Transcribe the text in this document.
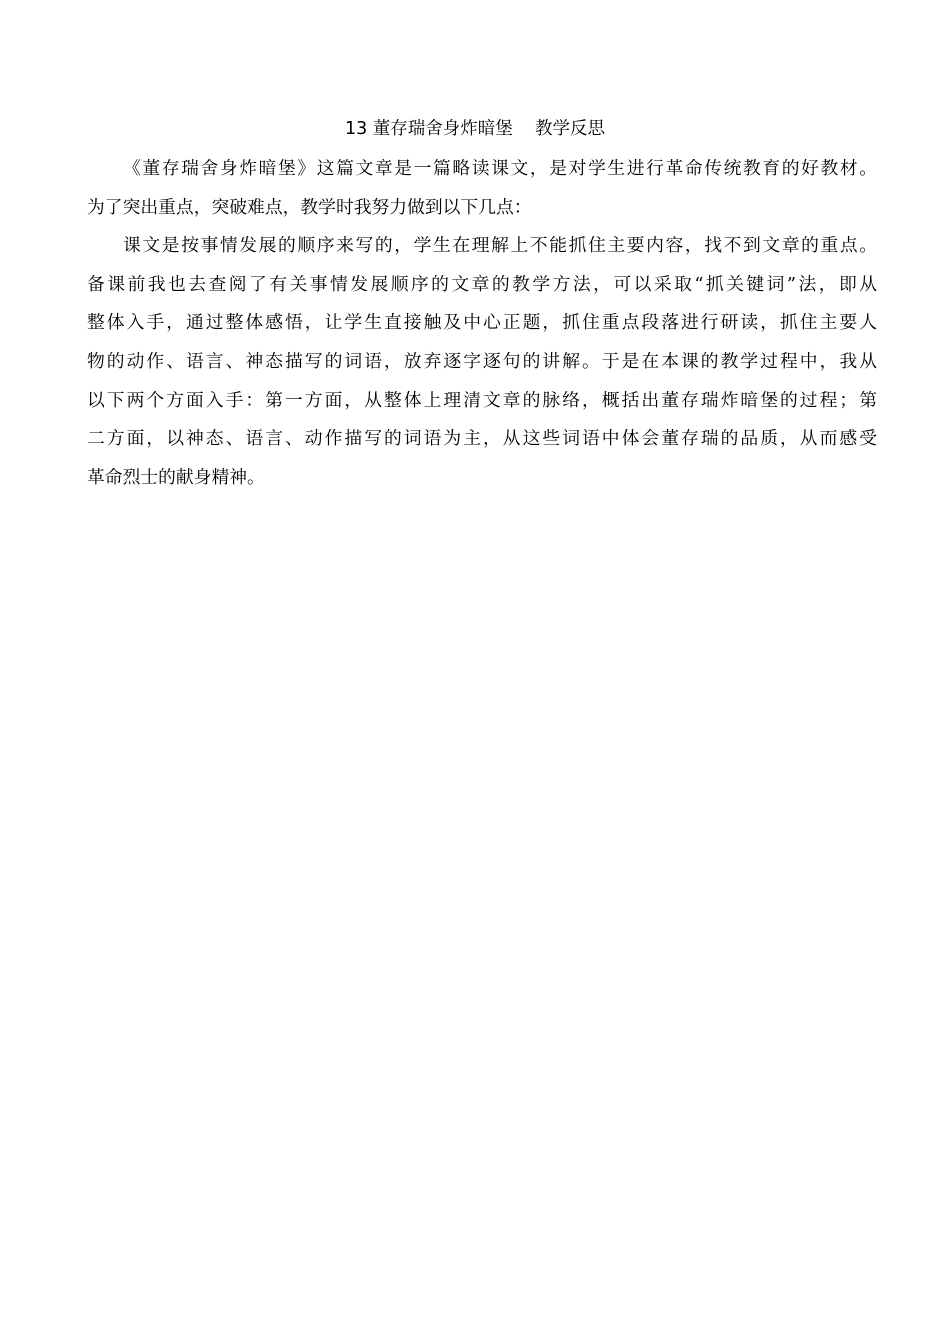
13 董存瑞舍身炸暗堡    教学反思
《董存瑞舍身炸暗堡》这篇文章是一篇略读课文，是对学生进行革命传统教育的好教材。
为了突出重点，突破难点，教学时我努力做到以下几点：
课文是按事情发展的顺序来写的，学生在理解上不能抓住主要内容，找不到文章的重点。
备课前我也去查阅了有关事情发展顺序的文章的教学方法，可以采取“抓关键词”法，即从
整体入手，通过整体感悟，让学生直接触及中心正题，抓住重点段落进行研读，抓住主要人
物的动作、语言、神态描写的词语，放弃逐字逐句的讲解。于是在本课的教学过程中，我从
以下两个方面入手：第一方面，从整体上理清文章的脉络，概括出董存瑞炸暗堡的过程；第
二方面，以神态、语言、动作描写的词语为主，从这些词语中体会董存瑞的品质，从而感受
革命烈士的献身精神。
